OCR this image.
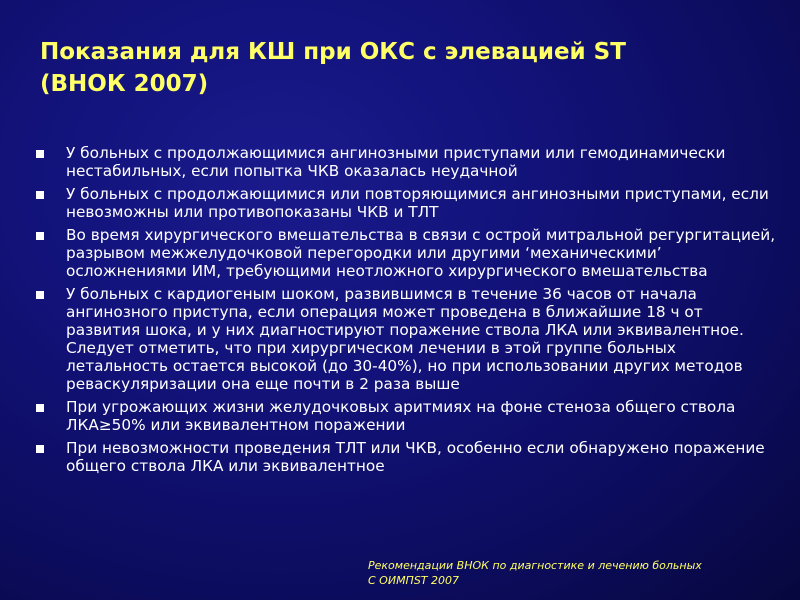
Показания для КШ при ОКС с элевацией ST
(ВНОК 2007)
У больных с продолжающимися ангинозными приступами или гемодинамически нестабильных, если попытка ЧКВ оказалась неудачной
У больных с продолжающимися или повторяющимися ангинозными приступами, если невозможны или противопоказаны ЧКВ и ТЛТ
Во время хирургического вмешательства в связи с острой митральной регургитацией, разрывом межжелудочковой перегородки или другими ‘механическими’ осложнениями ИМ, требующими неотложного хирургического вмешательства
У больных с кардиогеным шоком, развившимся в течение 36 часов от начала ангинозного приступа, если операция может проведена в ближайшие 18 ч от развития шока, и у них диагностируют поражение ствола ЛКА или эквивалентное. Следует отметить, что при хирургическом лечении в этой группе больных летальность остается высокой (до 30-40%), но при использовании других методов реваскуляризации она еще почти в 2 раза выше
При угрожающих жизни желудочковых аритмиях на фоне стеноза общего ствола ЛКА≥50% или эквивалентном поражении
При невозможности проведения ТЛТ или ЧКВ, особенно если обнаружено поражение общего ствола ЛКА или эквивалентное
Рекомендации ВНОК по диагностике и лечению больных
С ОИМПST 2007
